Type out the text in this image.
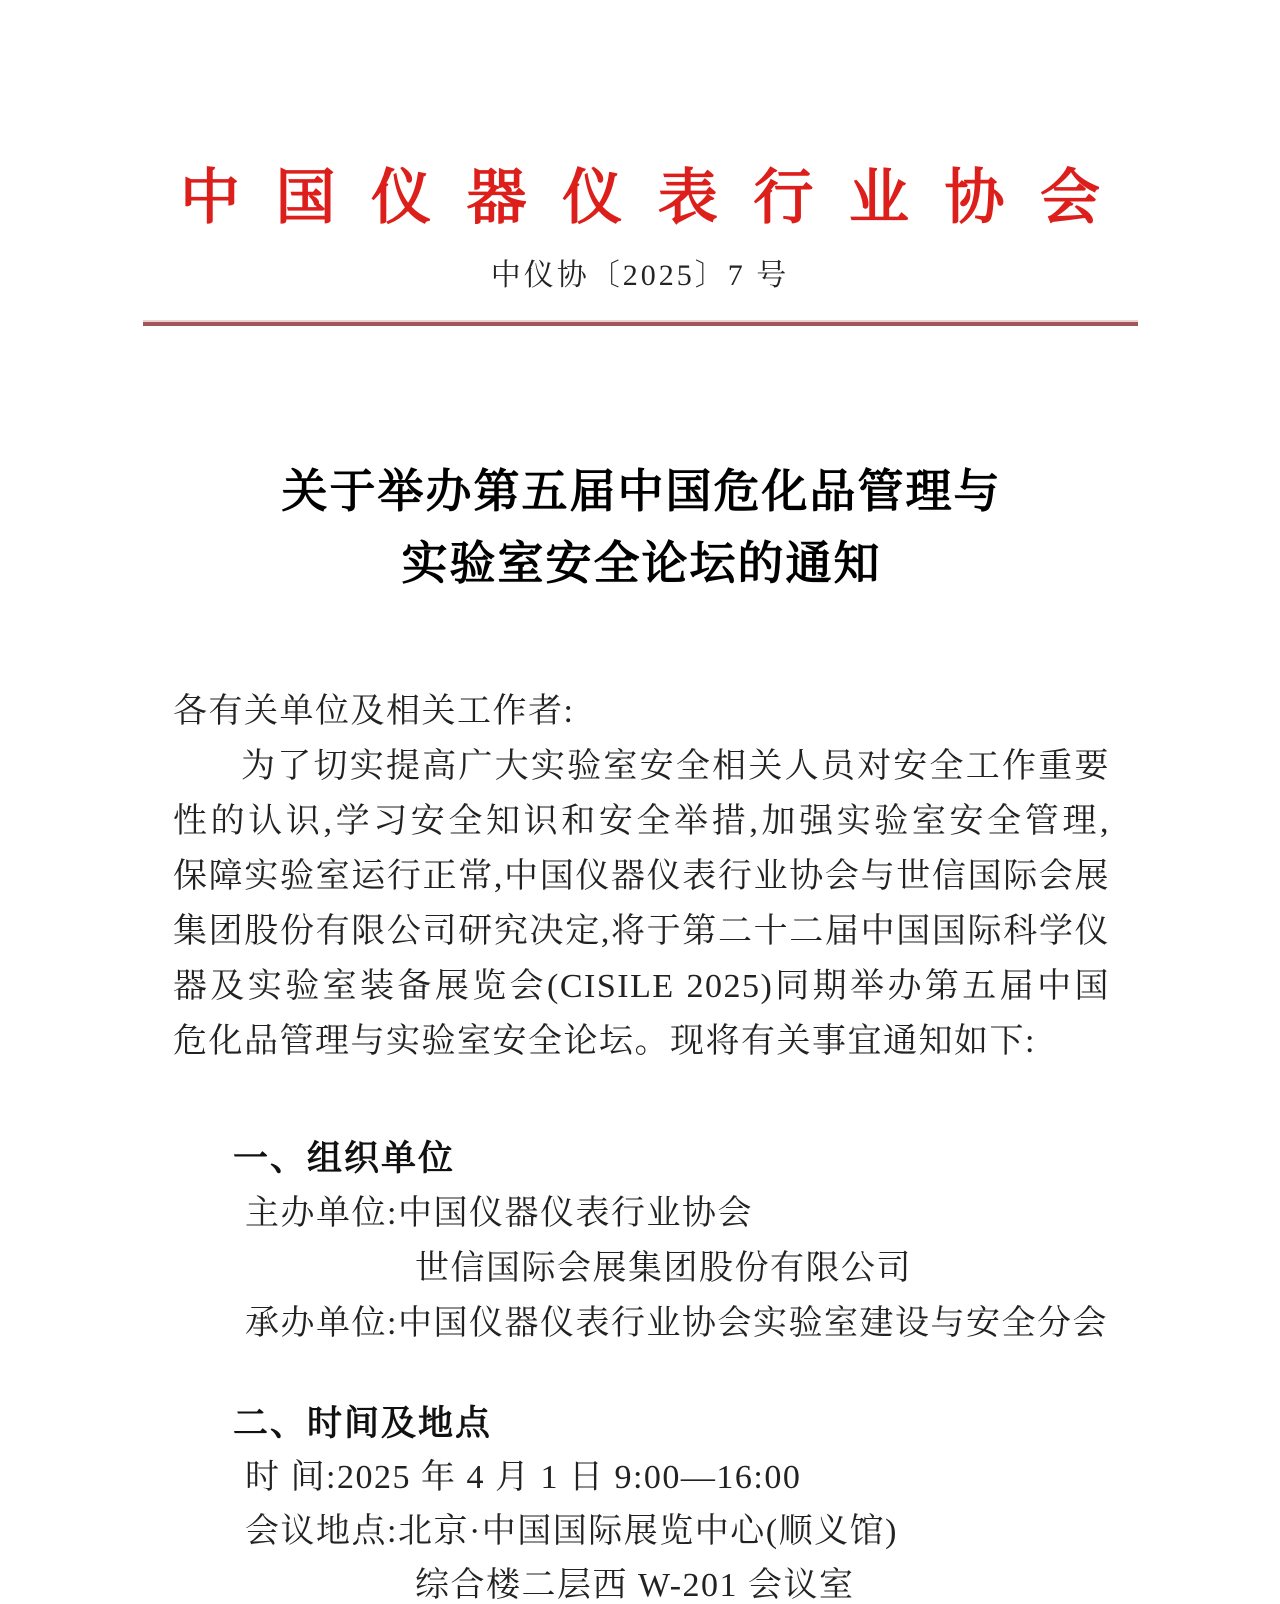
中国仪器仪表行业协会
中仪协〔2025〕7 号
关于举办第五届中国危化品管理与
实验室安全论坛的通知
各有关单位及相关工作者:
为了切实提高广大实验室安全相关人员对安全工作重要
性的认识,学习安全知识和安全举措,加强实验室安全管理,
保障实验室运行正常,中国仪器仪表行业协会与世信国际会展
集团股份有限公司研究决定,将于第二十二届中国国际科学仪
器及实验室装备展览会(CISILE 2025)同期举办第五届中国
危化品管理与实验室安全论坛。现将有关事宜通知如下:
一、组织单位
主办单位:中国仪器仪表行业协会
世信国际会展集团股份有限公司
承办单位:中国仪器仪表行业协会实验室建设与安全分会
二、时间及地点
时 间:2025 年 4 月 1 日 9:00—16:00
会议地点:北京·中国国际展览中心(顺义馆)
综合楼二层西 W-201 会议室
